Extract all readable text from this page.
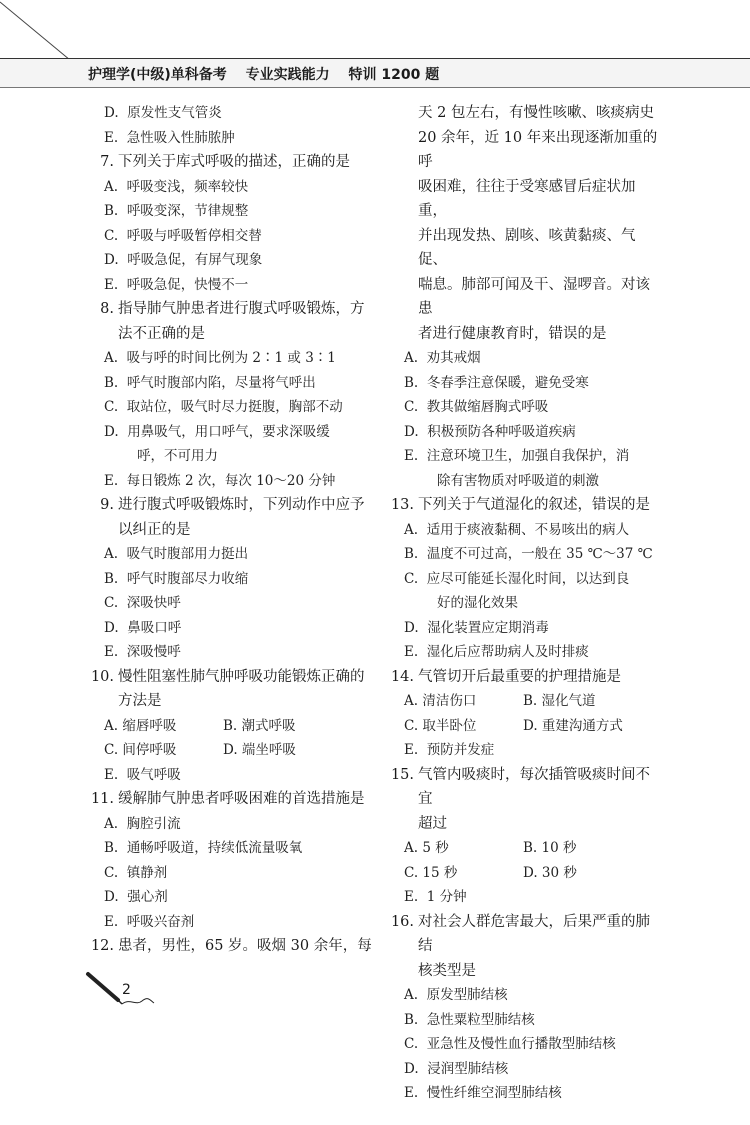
护理学(中级)单科备考 专业实践能力 特训 1200 题
D. 原发性支气管炎
E. 急性吸入性肺脓肿
7. 下列关于库式呼吸的描述，正确的是
A. 呼吸变浅，频率较快
B. 呼吸变深，节律规整
C. 呼吸与呼吸暂停相交替
D. 呼吸急促，有屏气现象
E. 呼吸急促，快慢不一
8. 指导肺气肿患者进行腹式呼吸锻炼，方
法不正确的是
A. 吸与呼的时间比例为 2∶1 或 3∶1
B. 呼气时腹部内陷，尽量将气呼出
C. 取站位，吸气时尽力挺腹，胸部不动
D. 用鼻吸气，用口呼气，要求深吸缓
呼，不可用力
E. 每日锻炼 2 次，每次 10～20 分钟
9. 进行腹式呼吸锻炼时，下列动作中应予
以纠正的是
A. 吸气时腹部用力挺出
B. 呼气时腹部尽力收缩
C. 深吸快呼
D. 鼻吸口呼
E. 深吸慢呼
10. 慢性阻塞性肺气肿呼吸功能锻炼正确的
方法是
A. 缩唇呼吸	B. 潮式呼吸
C. 间停呼吸	D. 端坐呼吸
E. 吸气呼吸
11. 缓解肺气肿患者呼吸困难的首选措施是
A. 胸腔引流
B. 通畅呼吸道，持续低流量吸氧
C. 镇静剂
D. 强心剂
E. 呼吸兴奋剂
12. 患者，男性，65 岁。吸烟 30 余年，每
天 2 包左右，有慢性咳嗽、咳痰病史
20 余年，近 10 年来出现逐渐加重的呼
吸困难，往往于受寒感冒后症状加重，
并出现发热、剧咳、咳黄黏痰、气促、
喘息。肺部可闻及干、湿啰音。对该患
者进行健康教育时，错误的是
A. 劝其戒烟
B. 冬春季注意保暖，避免受寒
C. 教其做缩唇胸式呼吸
D. 积极预防各种呼吸道疾病
E. 注意环境卫生，加强自我保护，消
除有害物质对呼吸道的刺激
13. 下列关于气道湿化的叙述，错误的是
A. 适用于痰液黏稠、不易咳出的病人
B. 温度不可过高，一般在 35 ℃～37 ℃
C. 应尽可能延长湿化时间，以达到良
好的湿化效果
D. 湿化装置应定期消毒
E. 湿化后应帮助病人及时排痰
14. 气管切开后最重要的护理措施是
A. 清洁伤口	B. 湿化气道
C. 取半卧位	D. 重建沟通方式
E. 预防并发症
15. 气管内吸痰时，每次插管吸痰时间不宜
超过
A. 5 秒	B. 10 秒
C. 15 秒	D. 30 秒
E. 1 分钟
16. 对社会人群危害最大，后果严重的肺结
核类型是
A. 原发型肺结核
B. 急性粟粒型肺结核
C. 亚急性及慢性血行播散型肺结核
D. 浸润型肺结核
E. 慢性纤维空洞型肺结核
2
